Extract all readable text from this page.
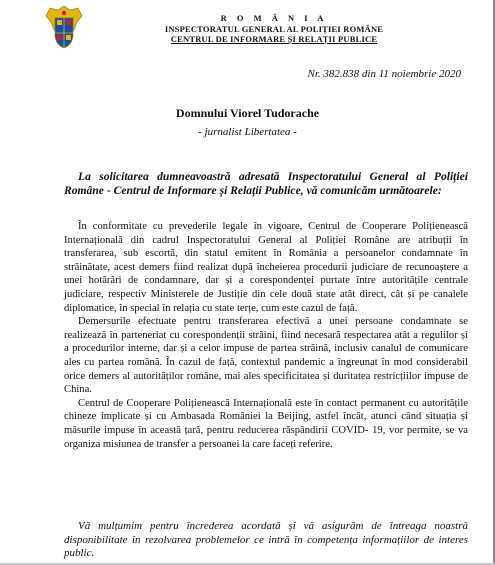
R O M Â N I A
INSPECTORATUL GENERAL AL POLIȚIEI ROMÂNE
CENTRUL DE INFORMARE ȘI RELAȚII PUBLICE
Nr. 382.838 din 11 noiembrie 2020
Domnului Viorel Tudorache
- jurnalist Libertatea -
La solicitarea dumneavoastră adresată Inspectoratului General al Poliției Române - Centrul de Informare și Relații Publice, vă comunicăm următoarele:

În conformitate cu prevederile legale în vigoare, Centrul de Cooperare Polițienească Internațională din cadrul Inspectoratului General al Poliției Române are atribuții în transferarea, sub escortă, din statul emitent în România a persoanelor condamnate în străinătate, acest demers fiind realizat după încheierea procedurii judiciare de recunoaștere a unei hotărâri de condamnare, dar și a corespondenței purtate între autoritățile centrale judiciare, respectiv Ministerele de Justiție din cele două state atât direct, cât și pe canalele diplomatice, în special în relația cu state terțe, cum este cazul de față.

Demersurile efectuate pentru transferarea efectivă a unei persoane condamnate se realizează în parteneriat cu corespondenții străini, fiind necesară respectarea atât a regulilor și a procedurilor interne, dar și a celor impuse de partea străină, inclusiv canalul de comunicare ales cu partea română. În cazul de față, contextul pandemic a îngreunat în mod considerabil orice demers al autorităților române, mai ales specificitatea și duritatea restricțiilor impuse de China.

Centrul de Cooperare Polițienească Internațională este în contact permanent cu autoritățile chineze implicate și cu Ambasada României la Beijing, astfel încât, atunci când situația și măsurile impuse în această țară, pentru reducerea răspândirii COVID- 19, vor permite, se va organiza misiunea de transfer a persoanei la care faceți referire.

Vă mulțumim pentru încrederea acordată și vă asigurăm de întreaga noastră disponibilitate în rezolvarea problemelor ce intră în competența informațiilor de interes public.
